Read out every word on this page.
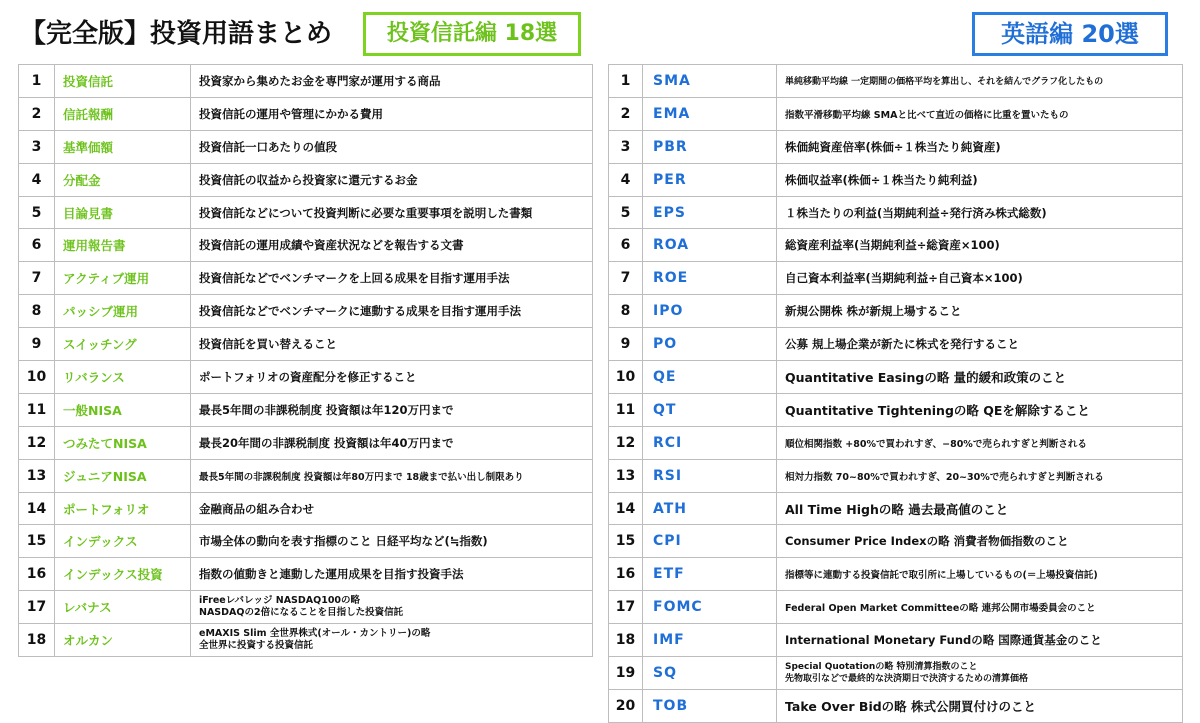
【完全版】投資用語まとめ	投資信託編 18選	英語編 20選
1	投資信託	投資家から集めたお金を専門家が運用する商品
2	信託報酬	投資信託の運用や管理にかかる費用
3	基準価額	投資信託一口あたりの値段
4	分配金	投資信託の収益から投資家に還元するお金
5	目論見書	投資信託などについて投資判断に必要な重要事項を説明した書類
6	運用報告書	投資信託の運用成績や資産状況などを報告する文書
7	アクティブ運用	投資信託などでベンチマークを上回る成果を目指す運用手法
8	パッシブ運用	投資信託などでベンチマークに連動する成果を目指す運用手法
9	スイッチング	投資信託を買い替えること
10	リバランス	ポートフォリオの資産配分を修正すること
11	一般NISA	最長5年間の非課税制度 投資額は年120万円まで
12	つみたてNISA	最長20年間の非課税制度 投資額は年40万円まで
13	ジュニアNISA	最長5年間の非課税制度 投資額は年80万円まで 18歳まで払い出し制限あり
14	ポートフォリオ	金融商品の組み合わせ
15	インデックス	市場全体の動向を表す指標のこと 日経平均など(≒指数)
16	インデックス投資	指数の値動きと連動した運用成果を目指す投資手法
17	レバナス	iFreeレバレッジ NASDAQ100の略
NASDAQの2倍になることを目指した投資信託

18	オルカン	eMAXIS Slim 全世界株式(オール・カントリー)の略
全世界に投資する投資信託
1	SMA	単純移動平均線 一定期間の価格平均を算出し、それを結んでグラフ化したもの
2	EMA	指数平滑移動平均線 SMAと比べて直近の価格に比重を置いたもの
3	PBR	株価純資産倍率(株価÷１株当たり純資産)
4	PER	株価収益率(株価÷１株当たり純利益)
5	EPS	１株当たりの利益(当期純利益÷発行済み株式総数)
6	ROA	総資産利益率(当期純利益÷総資産×100)
7	ROE	自己資本利益率(当期純利益÷自己資本×100)
8	IPO	新規公開株 株が新規上場すること
9	PO	公募 規上場企業が新たに株式を発行すること
10	QE	Quantitative Easingの略 量的緩和政策のこと
11	QT	Quantitative Tighteningの略 QEを解除すること
12	RCI	順位相関指数 +80%で買われすぎ、−80%で売られすぎと判断される
13	RSI	相対力指数 70~80%で買われすぎ、20~30%で売られすぎと判断される
14	ATH	All Time Highの略 過去最高値のこと
15	CPI	Consumer Price Indexの略 消費者物価指数のこと
16	ETF	指標等に連動する投資信託で取引所に上場しているもの(＝上場投資信託)
17	FOMC	Federal Open Market Committeeの略 連邦公開市場委員会のこと
18	IMF	International Monetary Fundの略 国際通貨基金のこと
19	SQ	Special Quotationの略 特別清算指数のこと
先物取引などで最終的な決済期日で決済するための清算価格

20	TOB	Take Over Bidの略 株式公開買付けのこと
